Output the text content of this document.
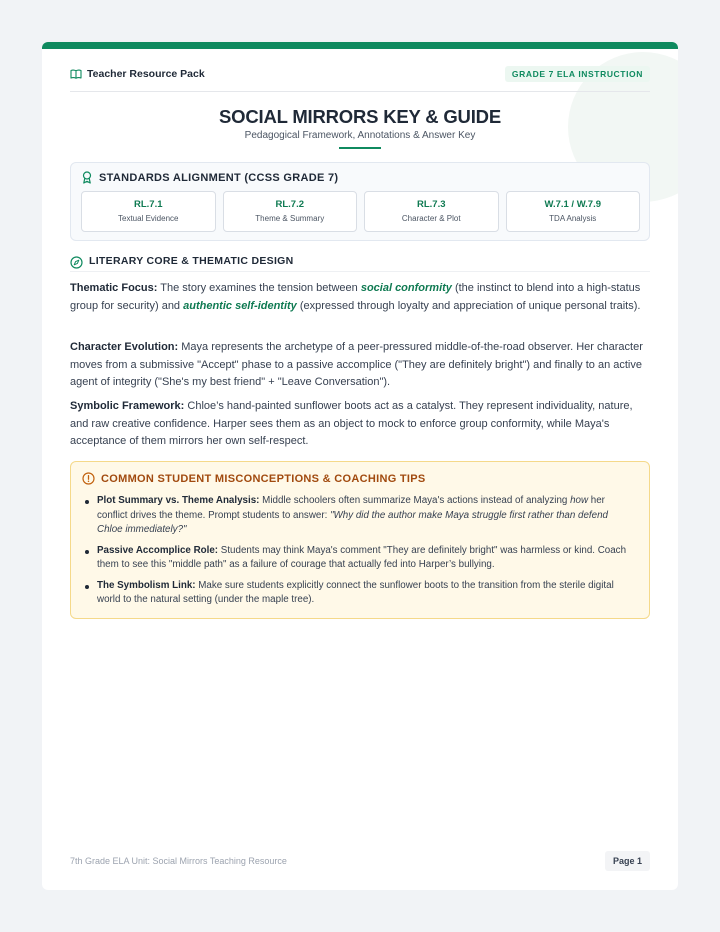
Teacher Resource Pack	GRADE 7 ELA INSTRUCTION
SOCIAL MIRRORS KEY & GUIDE
Pedagogical Framework, Annotations & Answer Key
STANDARDS ALIGNMENT (CCSS GRADE 7)
RL.7.1
Textual Evidence
RL.7.2
Theme & Summary
RL.7.3
Character & Plot
W.7.1 / W.7.9
TDA Analysis
LITERARY CORE & THEMATIC DESIGN

Thematic Focus: The story examines the tension between social conformity (the instinct to blend into a high-status group for security) and authentic self-identity (expressed through loyalty and appreciation of unique personal traits).

Character Evolution: Maya represents the archetype of a peer-pressured middle-of-the-road observer. Her character moves from a submissive "Accept" phase to a passive accomplice ("They are definitely bright") and finally to an active agent of integrity ("She's my best friend" + "Leave Conversation").

Symbolic Framework: Chloe’s hand-painted sunflower boots act as a catalyst. They represent individuality, nature, and raw creative confidence. Harper sees them as an object to mock to enforce group conformity, while Maya's acceptance of them mirrors her own self-respect.

COMMON STUDENT MISCONCEPTIONS & COACHING TIPS
Plot Summary vs. Theme Analysis: Middle schoolers often summarize Maya's actions instead of analyzing how her conflict drives the theme. Prompt students to answer: "Why did the author make Maya struggle first rather than defend Chloe immediately?"
Passive Accomplice Role: Students may think Maya's comment "They are definitely bright" was harmless or kind. Coach them to see this "middle path" as a failure of courage that actually fed into Harper’s bullying.
The Symbolism Link: Make sure students explicitly connect the sunflower boots to the transition from the sterile digital world to the natural setting (under the maple tree).
7th Grade ELA Unit: Social Mirrors Teaching Resource	Page 1
